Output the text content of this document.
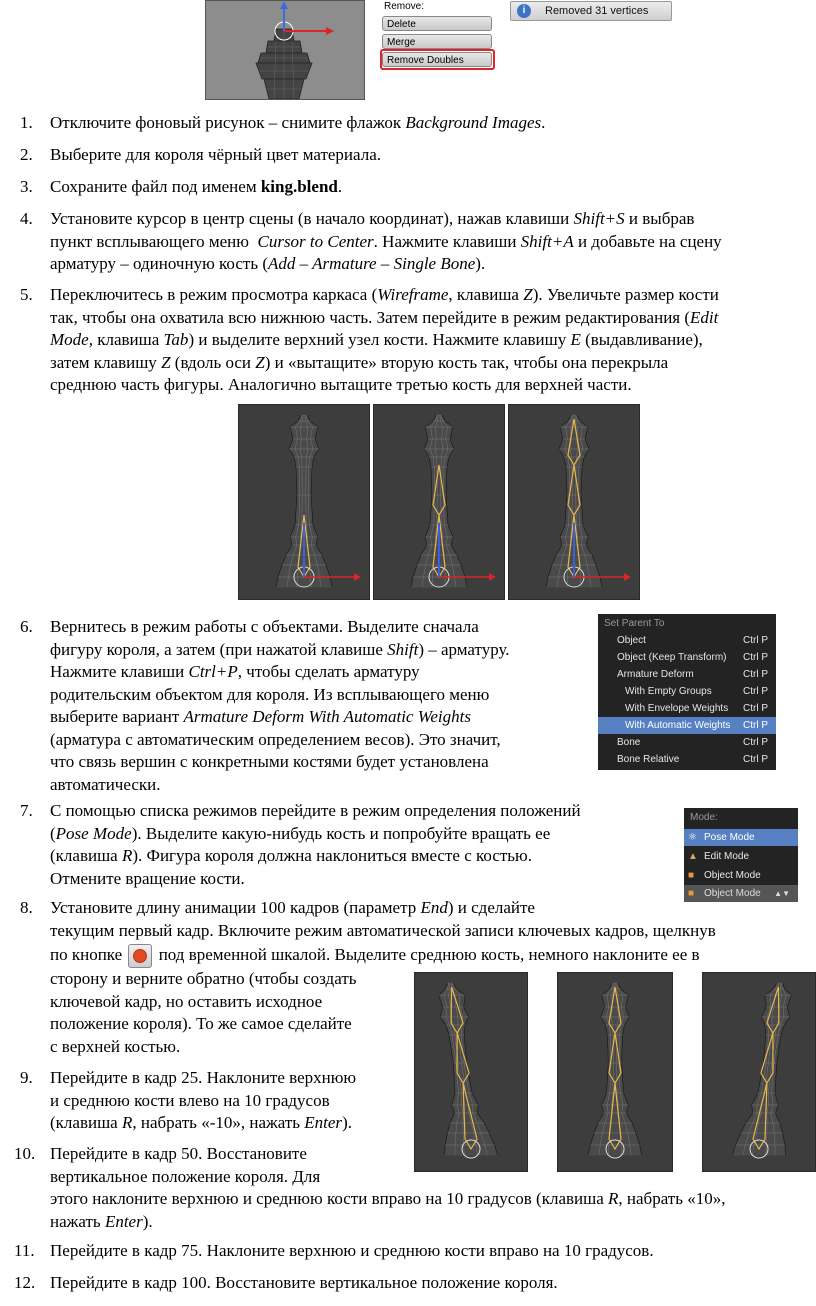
Remove:
Delete
Merge
Remove Doubles
i	Removed 31 vertices
1. Отключите фоновый рисунок – снимите флажок Background Images.
2. Выберите для короля чёрный цвет материала.
3. Сохраните файл под именем king.blend.
4. Установите курсор в центр сцены (в начало координат), нажав клавиши Shift+S и выбрав
пункт всплывающего меню Cursor to Center. Нажмите клавиши Shift+A и добавьте на сцену
арматуру – одиночную кость (Add – Armature – Single Bone).
5. Переключитесь в режим просмотра каркаса (Wireframe, клавиша Z). Увеличьте размер кости
так, чтобы она охватила всю нижнюю часть. Затем перейдите в режим редактирования (Edit
Mode, клавиша Tab) и выделите верхний узел кости. Нажмите клавишу E (выдавливание),
затем клавишу Z (вдоль оси Z) и «вытащите» вторую кость так, чтобы она перекрыла
среднюю часть фигуры. Аналогично вытащите третью кость для верхней части.
6. Вернитесь в режим работы с объектами. Выделите сначала
фигуру короля, а затем (при нажатой клавише Shift) – арматуру.
Нажмите клавиши Ctrl+P, чтобы сделать арматуру
родительским объектом для короля. Из всплывающего меню
выберите вариант Armature Deform With Automatic Weights
(арматура с автоматическим определением весов). Это значит,
что связь вершин с конкретными костями будет установлена
автоматически.
Set Parent To
Object	Ctrl P
Object (Keep Transform) Ctrl P
Armature Deform	Ctrl P
With Empty Groups	Ctrl P
With Envelope Weights Ctrl P
With Automatic Weights Ctrl P
Bone	Ctrl P
Bone Relative	Ctrl P
7. С помощью списка режимов перейдите в режим определения положений
(Pose Mode). Выделите какую-нибудь кость и попробуйте вращать ее
(клавиша R). Фигура короля должна наклониться вместе с костью.
Отмените вращение кости.
Mode:
⚛ Pose Mode
▲ Edit Mode
■ Object Mode
■ Object Mode ▲▼
8. Установите длину анимации 100 кадров (параметр End) и сделайте
текущим первый кадр. Включите режим автоматической записи ключевых кадров, щелкнув
по кнопке под временной шкалой. Выделите среднюю кость, немного наклоните ее в
сторону и верните обратно (чтобы создать
ключевой кадр, но оставить исходное
положение короля). То же самое сделайте
с верхней костью.
9. Перейдите в кадр 25. Наклоните верхнюю
и среднюю кости влево на 10 градусов
(клавиша R, набрать «-10», нажать Enter).
10. Перейдите в кадр 50. Восстановите
вертикальное положение короля. Для
этого наклоните верхнюю и среднюю кости вправо на 10 градусов (клавиша R, набрать «10»,
нажать Enter).
11. Перейдите в кадр 75. Наклоните верхнюю и среднюю кости вправо на 10 градусов.
12. Перейдите в кадр 100. Восстановите вертикальное положение короля.
